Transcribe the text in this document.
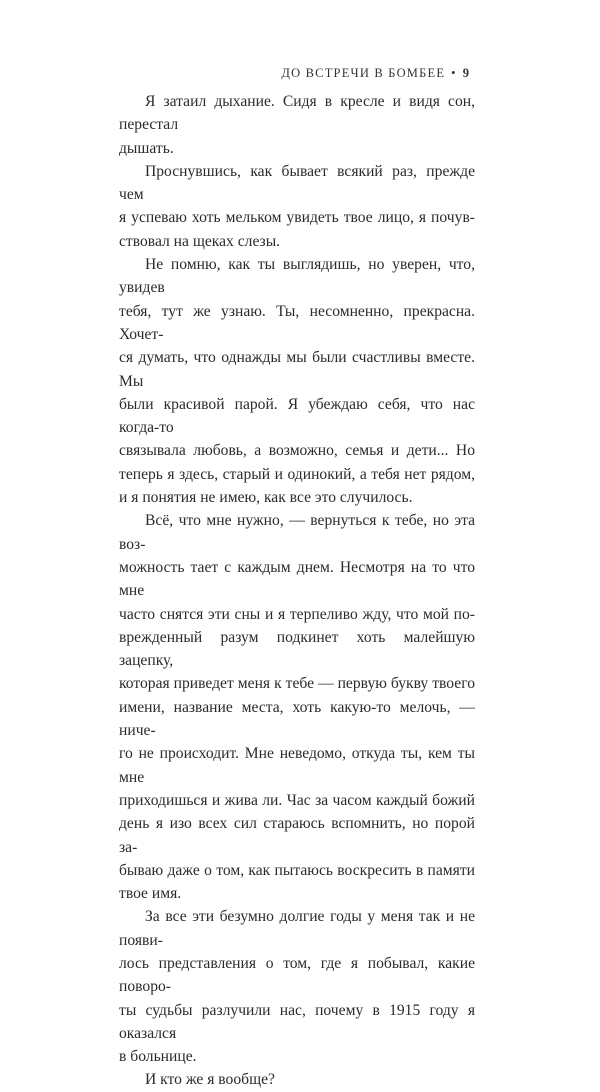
ДО ВСТРЕЧИ В БОМБЕЕ • 9

Я затаил дыхание. Сидя в кресле и видя сон, перестал
дышать.

Проснувшись, как бывает всякий раз, прежде чем
я успеваю хоть мельком увидеть твое лицо, я почув-
ствовал на щеках слезы.

Не помню, как ты выглядишь, но уверен, что, увидев
тебя, тут же узнаю. Ты, несомненно, прекрасна. Хочет-
ся думать, что однажды мы были счастливы вместе. Мы
были красивой парой. Я убеждаю себя, что нас когда-то
связывала любовь, а возможно, семья и дети... Но
теперь я здесь, старый и одинокий, а тебя нет рядом,
и я понятия не имею, как все это случилось.

Всё, что мне нужно, — вернуться к тебе, но эта воз-
можность тает с каждым днем. Несмотря на то что мне
часто снятся эти сны и я терпеливо жду, что мой по-
врежденный разум подкинет хоть малейшую зацепку,
которая приведет меня к тебе — первую букву твоего
имени, название места, хоть какую-то мелочь, — ниче-
го не происходит. Мне неведомо, откуда ты, кем ты мне
приходишься и жива ли. Час за часом каждый божий
день я изо всех сил стараюсь вспомнить, но порой за-
бываю даже о том, как пытаюсь воскресить в памяти
твое имя.

За все эти безумно долгие годы у меня так и не появи-
лось представления о том, где я побывал, какие поворо-
ты судьбы разлучили нас, почему в 1915 году я оказался
в больнице.

И кто же я вообще?
